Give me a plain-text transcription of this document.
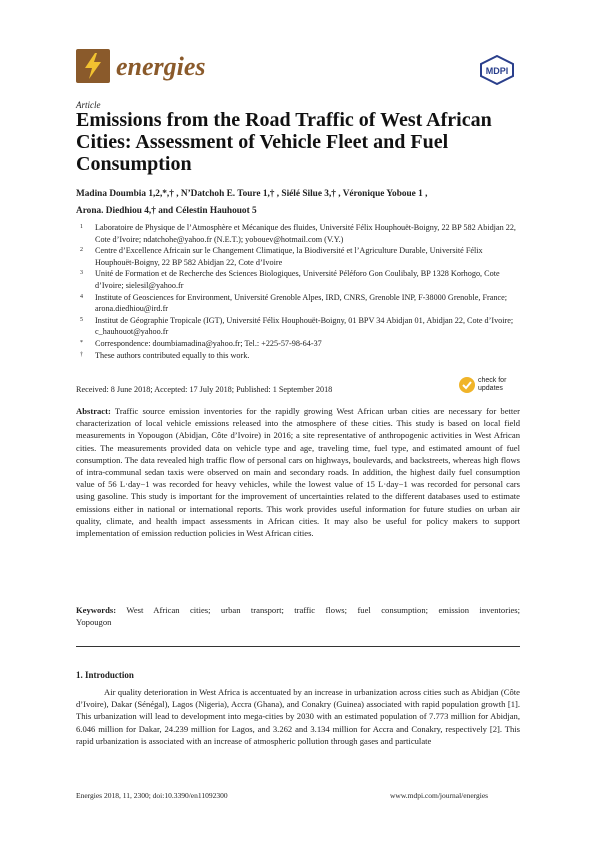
energies	MDPI
Article
Emissions from the Road Traffic of West African Cities: Assessment of Vehicle Fleet and Fuel Consumption
Madina Doumbia 1,2,*,† , N’Datchoh E. Toure 1,† , Siélé Silue 3,† , Véronique Yoboue 1 ,
Arona. Diedhiou 4,† and Célestin Hauhouot 5
1	Laboratoire de Physique de l’Atmosphère et Mécanique des fluides, Université Félix Houphouët-Boigny, 22 BP 582 Abidjan 22, Cote d’Ivoire; ndatchohe@yahoo.fr (N.E.T.); yobouev@hotmail.com (V.Y.)
2	Centre d’Excellence Africain sur le Changement Climatique, la Biodiversité et l’Agriculture Durable, Université Félix Houphouët-Boigny, 22 BP 582 Abidjan 22, Cote d’Ivoire
3	Unité de Formation et de Recherche des Sciences Biologiques, Université Péléforo Gon Coulibaly, BP 1328 Korhogo, Cote d’Ivoire; sielesil@yahoo.fr
4	Institute of Geosciences for Environment, Université Grenoble Alpes, IRD, CNRS, Grenoble INP, F-38000 Grenoble, France; arona.diedhiou@ird.fr
5	Institut de Géographie Tropicale (IGT), Université Félix Houphouët-Boigny, 01 BPV 34 Abidjan 01, Abidjan 22, Cote d’Ivoire; c_hauhouot@yahoo.fr
*	Correspondence: doumbiamadina@yahoo.fr; Tel.: +225-57-98-64-37
†	These authors contributed equally to this work.
Received: 8 June 2018; Accepted: 17 July 2018; Published: 1 September 2018
check for updates
Abstract: Traffic source emission inventories for the rapidly growing West African urban cities are necessary for better characterization of local vehicle emissions released into the atmosphere of these cities. This study is based on local field measurements in Yopougon (Abidjan, Côte d’Ivoire) in 2016; a site representative of anthropogenic activities in West African cities. The measurements provided data on vehicle type and age, traveling time, fuel type, and estimated amount of fuel consumption. The data revealed high traffic flow of personal cars on highways, boulevards, and backstreets, whereas high flows of intra-communal sedan taxis were observed on main and secondary roads. In addition, the highest daily fuel consumption value of 56 L·day−1 was recorded for heavy vehicles, while the lowest value of 15 L·day−1 was recorded for personal cars using gasoline. This study is important for the improvement of uncertainties related to the different databases used to estimate emissions either in national or international reports. This work provides useful information for future studies on urban air quality, climate, and health impact assessments in African cities. It may also be useful for policy makers to support implementation of emission reduction policies in West African cities.
Keywords: West African cities; urban transport; traffic flows; fuel consumption; emission inventories; Yopougon
1. Introduction
Air quality deterioration in West Africa is accentuated by an increase in urbanization across cities such as Abidjan (Côte d’Ivoire), Dakar (Sénégal), Lagos (Nigeria), Accra (Ghana), and Conakry (Guinea) associated with rapid population growth [1]. This urbanization will lead to development into mega-cities by 2030 with an estimated population of 7.773 million for Abidjan, 6.046 million for Dakar, 24.239 million for Lagos, and 3.262 and 3.134 million for Accra and Conakry, respectively [2]. This rapid urbanization is associated with an increase of atmospheric pollution through gases and particulate
Energies 2018, 11, 2300; doi:10.3390/en11092300	www.mdpi.com/journal/energies
